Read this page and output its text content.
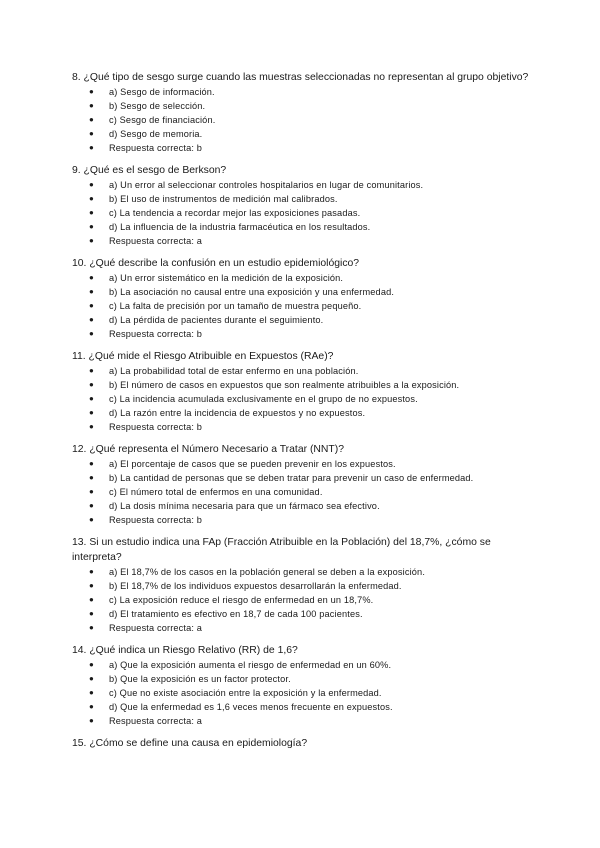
8. ¿Qué tipo de sesgo surge cuando las muestras seleccionadas no representan al grupo objetivo?

● a) Sesgo de información.
● b) Sesgo de selección.
● c) Sesgo de financiación.
● d) Sesgo de memoria.
● Respuesta correcta: b

9. ¿Qué es el sesgo de Berkson?

● a) Un error al seleccionar controles hospitalarios en lugar de comunitarios.
● b) El uso de instrumentos de medición mal calibrados.
● c) La tendencia a recordar mejor las exposiciones pasadas.
● d) La influencia de la industria farmacéutica en los resultados.
● Respuesta correcta: a

10. ¿Qué describe la confusión en un estudio epidemiológico?

● a) Un error sistemático en la medición de la exposición.
● b) La asociación no causal entre una exposición y una enfermedad.
● c) La falta de precisión por un tamaño de muestra pequeño.
● d) La pérdida de pacientes durante el seguimiento.
● Respuesta correcta: b

11. ¿Qué mide el Riesgo Atribuible en Expuestos (RAe)?

● a) La probabilidad total de estar enfermo en una población.
● b) El número de casos en expuestos que son realmente atribuibles a la exposición.
● c) La incidencia acumulada exclusivamente en el grupo de no expuestos.
● d) La razón entre la incidencia de expuestos y no expuestos.
● Respuesta correcta: b

12. ¿Qué representa el Número Necesario a Tratar (NNT)?

● a) El porcentaje de casos que se pueden prevenir en los expuestos.
● b) La cantidad de personas que se deben tratar para prevenir un caso de enfermedad.
● c) El número total de enfermos en una comunidad.
● d) La dosis mínima necesaria para que un fármaco sea efectivo.
● Respuesta correcta: b

13. Si un estudio indica una FAp (Fracción Atribuible en la Población) del 18,7%, ¿cómo se interpreta?

● a) El 18,7% de los casos en la población general se deben a la exposición.
● b) El 18,7% de los individuos expuestos desarrollarán la enfermedad.
● c) La exposición reduce el riesgo de enfermedad en un 18,7%.
● d) El tratamiento es efectivo en 18,7 de cada 100 pacientes.
● Respuesta correcta: a

14. ¿Qué indica un Riesgo Relativo (RR) de 1,6?

● a) Que la exposición aumenta el riesgo de enfermedad en un 60%.
● b) Que la exposición es un factor protector.
● c) Que no existe asociación entre la exposición y la enfermedad.
● d) Que la enfermedad es 1,6 veces menos frecuente en expuestos.
● Respuesta correcta: a

15. ¿Cómo se define una causa en epidemiología?
